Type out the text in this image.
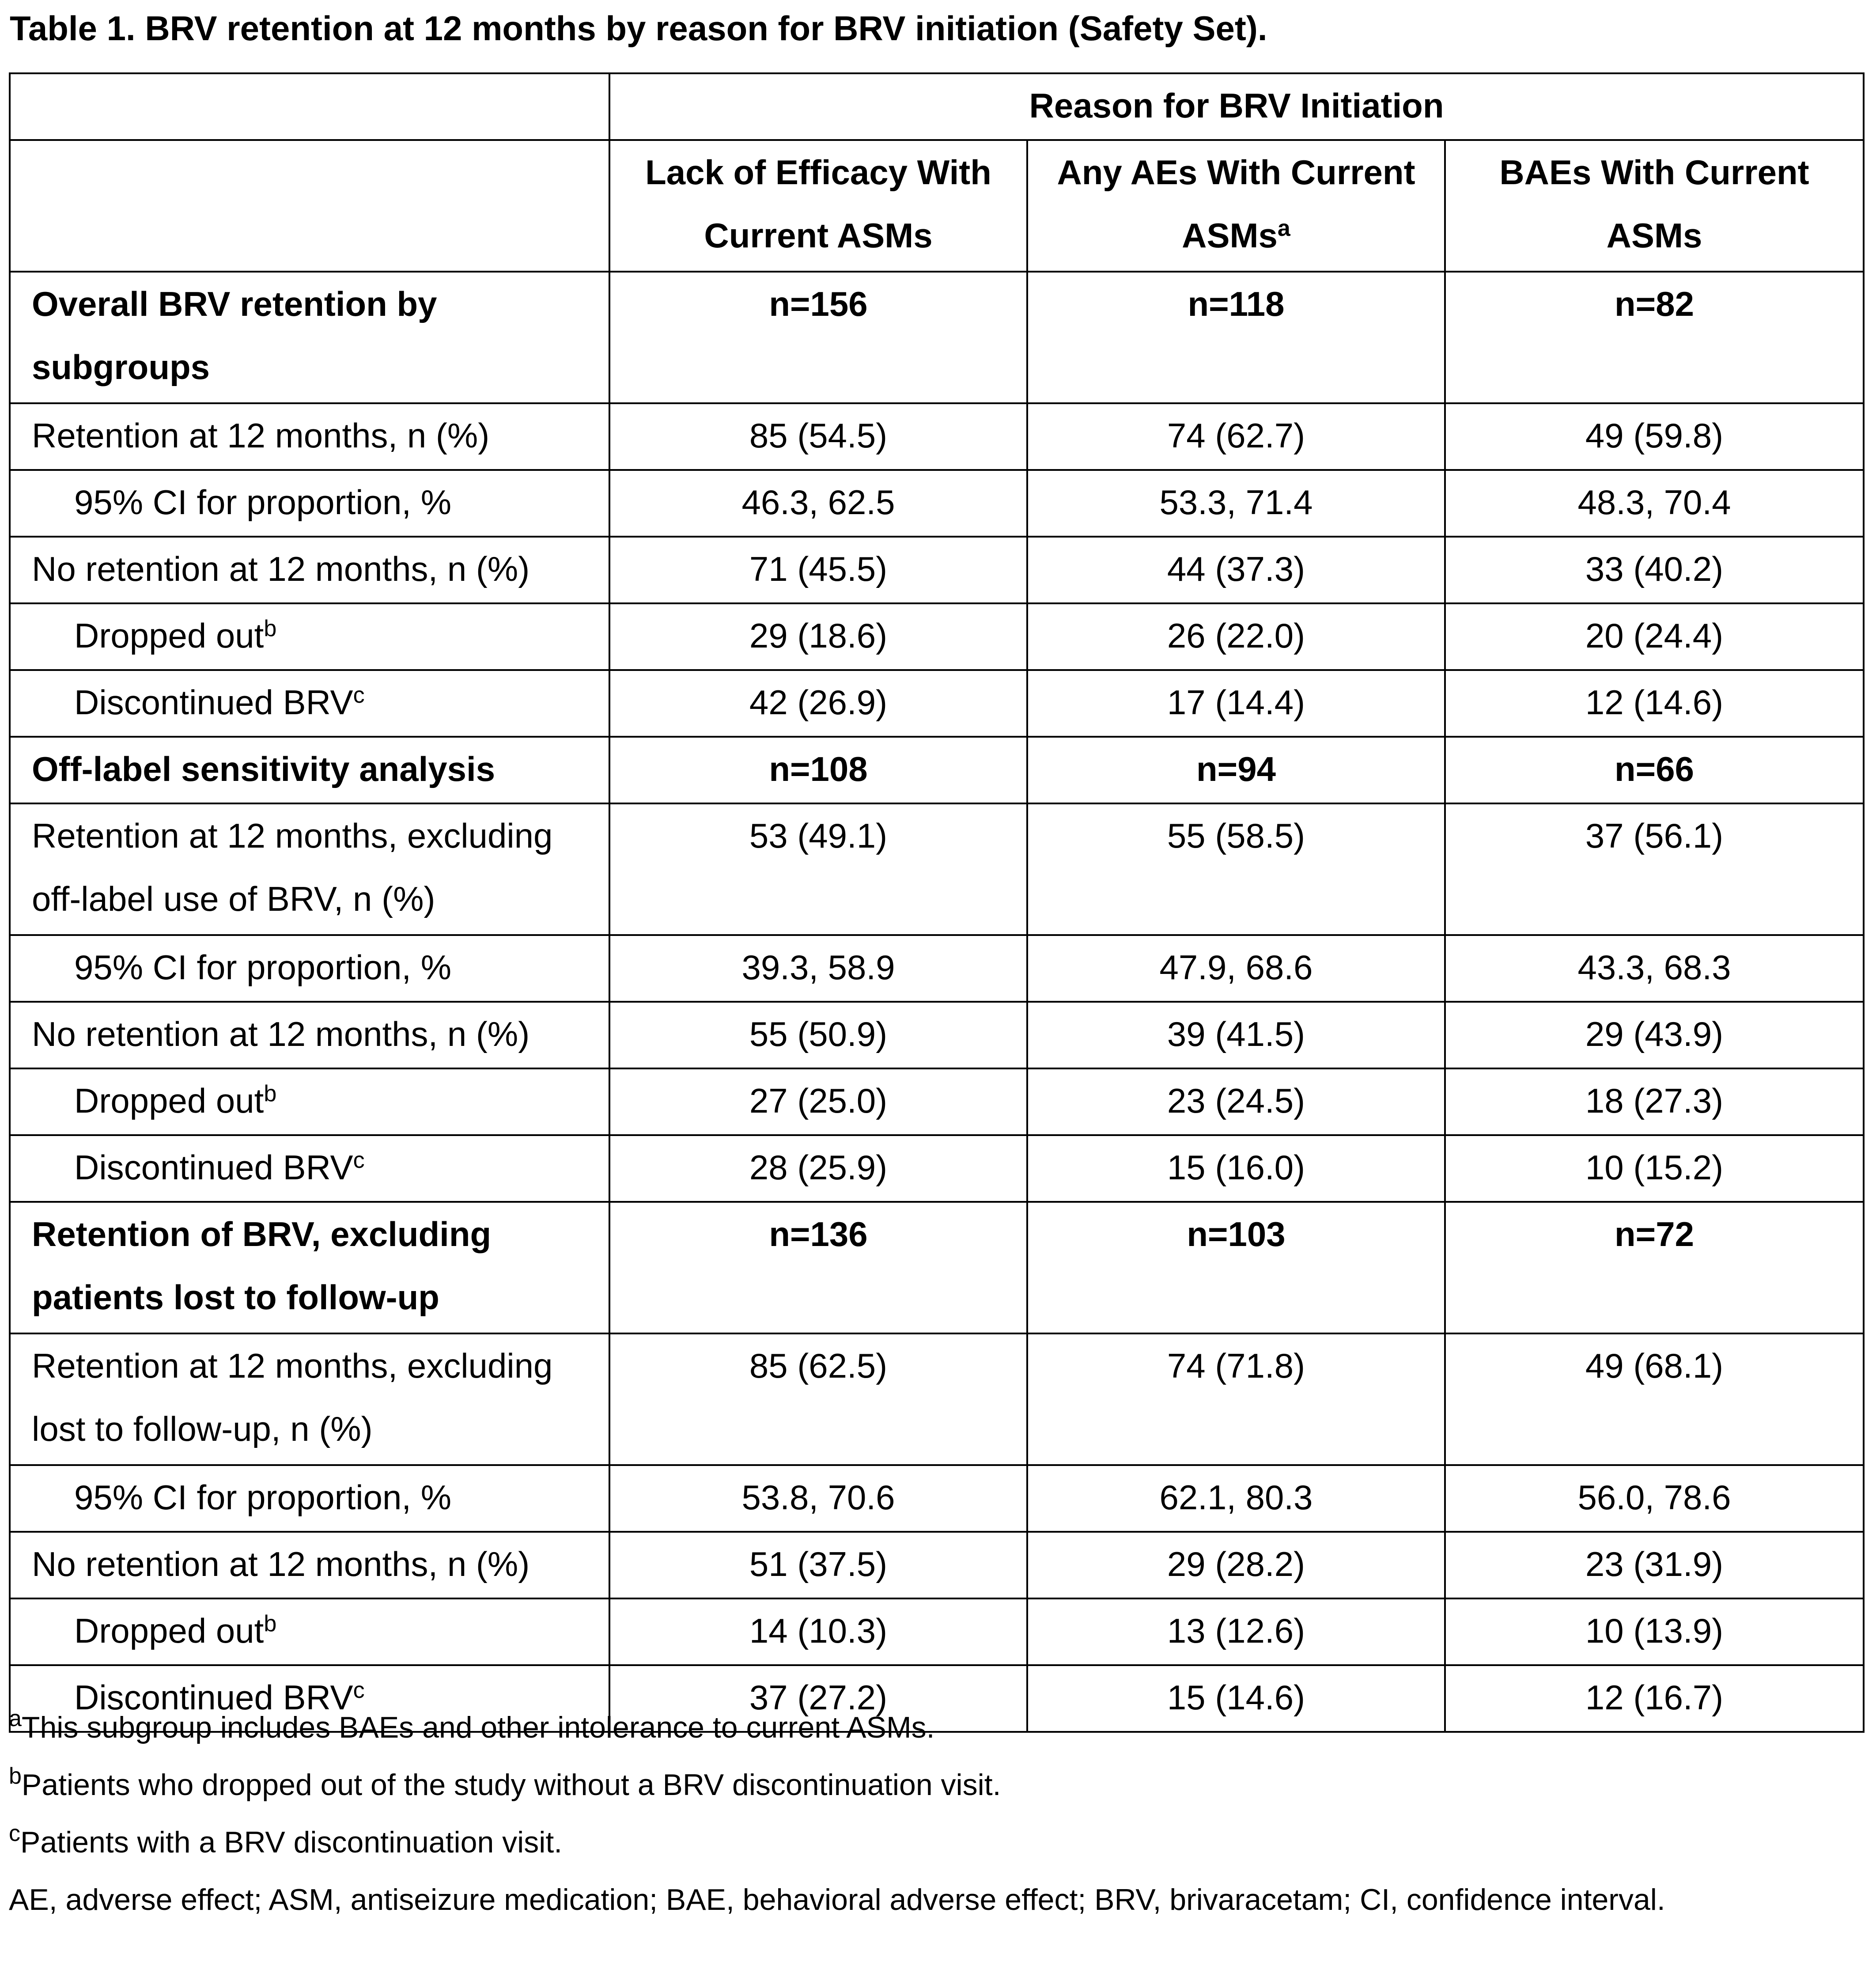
Table 1. BRV retention at 12 months by reason for BRV initiation (Safety Set).
	Reason for BRV Initiation		
	Lack of Efficacy With Current ASMs	Any AEs With Current ASMs$^a$	BAEs With Current ASMs
Overall BRV retention by subgroups	n=156	n=118	n=82
Retention at 12 months, n (%)	85 (54.5)	74 (62.7)	49 (59.8)
95% CI for proportion, %	46.3, 62.5	53.3, 71.4	48.3, 70.4
No retention at 12 months, n (%)	71 (45.5)	44 (37.3)	33 (40.2)
Dropped out$^b$	29 (18.6)	26 (22.0)	20 (24.4)
Discontinued BRV$^c$	42 (26.9)	17 (14.4)	12 (14.6)
Off-label sensitivity analysis	n=108	n=94	n=66
Retention at 12 months, excluding off-label use of BRV, n (%)	53 (49.1)	55 (58.5)	37 (56.1)
95% CI for proportion, %	39.3, 58.9	47.9, 68.6	43.3, 68.3
No retention at 12 months, n (%)	55 (50.9)	39 (41.5)	29 (43.9)
Dropped out$^b$	27 (25.0)	23 (24.5)	18 (27.3)
Discontinued BRV$^c$	28 (25.9)	15 (16.0)	10 (15.2)
Retention of BRV, excluding patients lost to follow-up	n=136	n=103	n=72
Retention at 12 months, excluding lost to follow-up, n (%)	85 (62.5)	74 (71.8)	49 (68.1)
95% CI for proportion, %	53.8, 70.6	62.1, 80.3	56.0, 78.6
No retention at 12 months, n (%)	51 (37.5)	29 (28.2)	23 (31.9)
Dropped out$^b$	14 (10.3)	13 (12.6)	10 (13.9)
Discontinued BRV$^c$	37 (27.2)	15 (14.6)	12 (16.7)
$^a$This subgroup includes BAEs and other intolerance to current ASMs.
$^b$Patients who dropped out of the study without a BRV discontinuation visit.
$^c$Patients with a BRV discontinuation visit.
AE, adverse effect; ASM, antiseizure medication; BAE, behavioral adverse effect; BRV, brivaracetam; CI, confidence interval.
